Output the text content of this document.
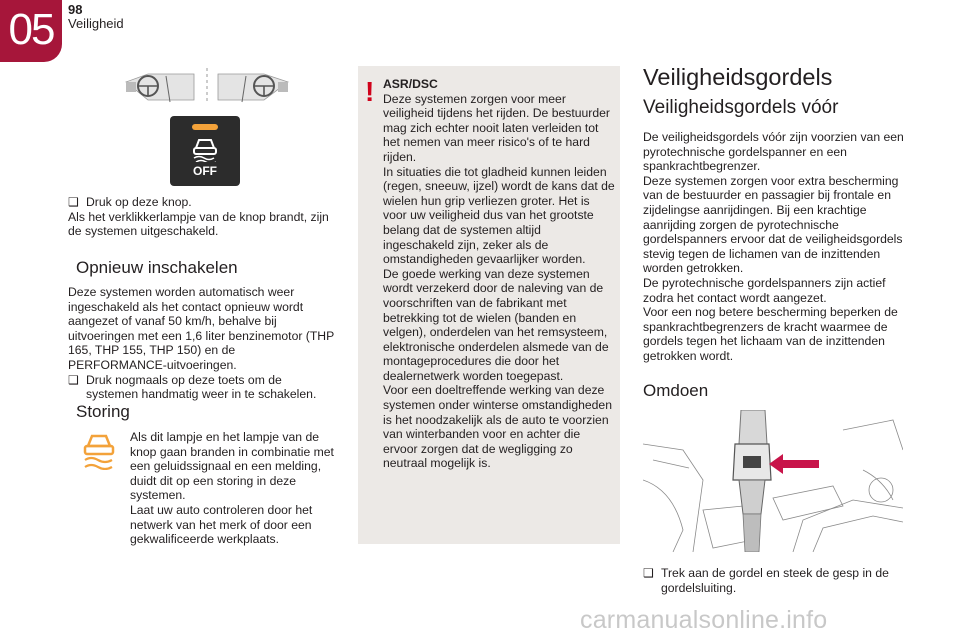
05	98
Veiligheid
OFF
❑ Druk op deze knop.
Als het verklikkerlampje van de knop brandt, zijn de systemen uitgeschakeld.
Opnieuw inschakelen
Deze systemen worden automatisch weer ingeschakeld als het contact opnieuw wordt aangezet of vanaf 50 km/h, behalve bij uitvoeringen met een 1,6 liter benzinemotor (THP 165, THP 155, THP 150) en de PERFORMANCE-uitvoeringen.
❑ Druk nogmaals op deze toets om de systemen handmatig weer in te schakelen.
Storing
Als dit lampje en het lampje van de knop gaan branden in combinatie met een geluidssignaal en een melding, duidt dit op een storing in deze systemen.
Laat uw auto controleren door het netwerk van het merk of door een gekwalificeerde werkplaats.
! ASR/DSC
Deze systemen zorgen voor meer veiligheid tijdens het rijden. De bestuurder mag zich echter nooit laten verleiden tot het nemen van meer risico's of te hard rijden.
In situaties die tot gladheid kunnen leiden (regen, sneeuw, ijzel) wordt de kans dat de wielen hun grip verliezen groter. Het is voor uw veiligheid dus van het grootste belang dat de systemen altijd ingeschakeld zijn, zeker als de omstandigheden gevaarlijker worden.
De goede werking van deze systemen wordt verzekerd door de naleving van de voorschriften van de fabrikant met betrekking tot de wielen (banden en velgen), onderdelen van het remsysteem, elektronische onderdelen alsmede van de montageprocedures die door het dealernetwerk worden toegepast.
Voor een doeltreffende werking van deze systemen onder winterse omstandigheden is het noodzakelijk als de auto te voorzien van winterbanden voor en achter die ervoor zorgen dat de wegligging zo neutraal mogelijk is.
Veiligheidsgordels
Veiligheidsgordels vóór
De veiligheidsgordels vóór zijn voorzien van een pyrotechnische gordelspanner en een spankrachtbegrenzer.
Deze systemen zorgen voor extra bescherming van de bestuurder en passagier bij frontale en zijdelingse aanrijdingen. Bij een krachtige aanrijding zorgen de pyrotechnische gordelspanners ervoor dat de veiligheidsgordels stevig tegen de lichamen van de inzittenden worden getrokken.
De pyrotechnische gordelspanners zijn actief zodra het contact wordt aangezet.
Voor een nog betere bescherming beperken de spankrachtbegrenzers de kracht waarmee de gordels tegen het lichaam van de inzittenden getrokken wordt.
Omdoen
❑ Trek aan de gordel en steek de gesp in de gordelsluiting.
carmanualsonline.info
